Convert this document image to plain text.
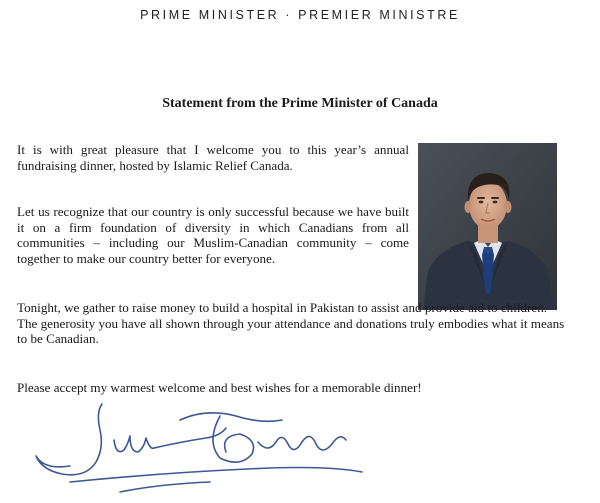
PRIME MINISTER · PREMIER MINISTRE
Statement from the Prime Minister of Canada

It is with great pleasure that I welcome you to this year’s annual fundraising dinner, hosted by Islamic Relief Canada.

Let us recognize that our country is only successful because we have built it on a firm foundation of diversity in which Canadians from all communities – including our Muslim-Canadian community – come together to make our country better for everyone.

Tonight, we gather to raise money to build a hospital in Pakistan to assist and provide aid to children. The generosity you have all shown through your attendance and donations truly embodies what it means to be Canadian.

Please accept my warmest welcome and best wishes for a memorable dinner!
